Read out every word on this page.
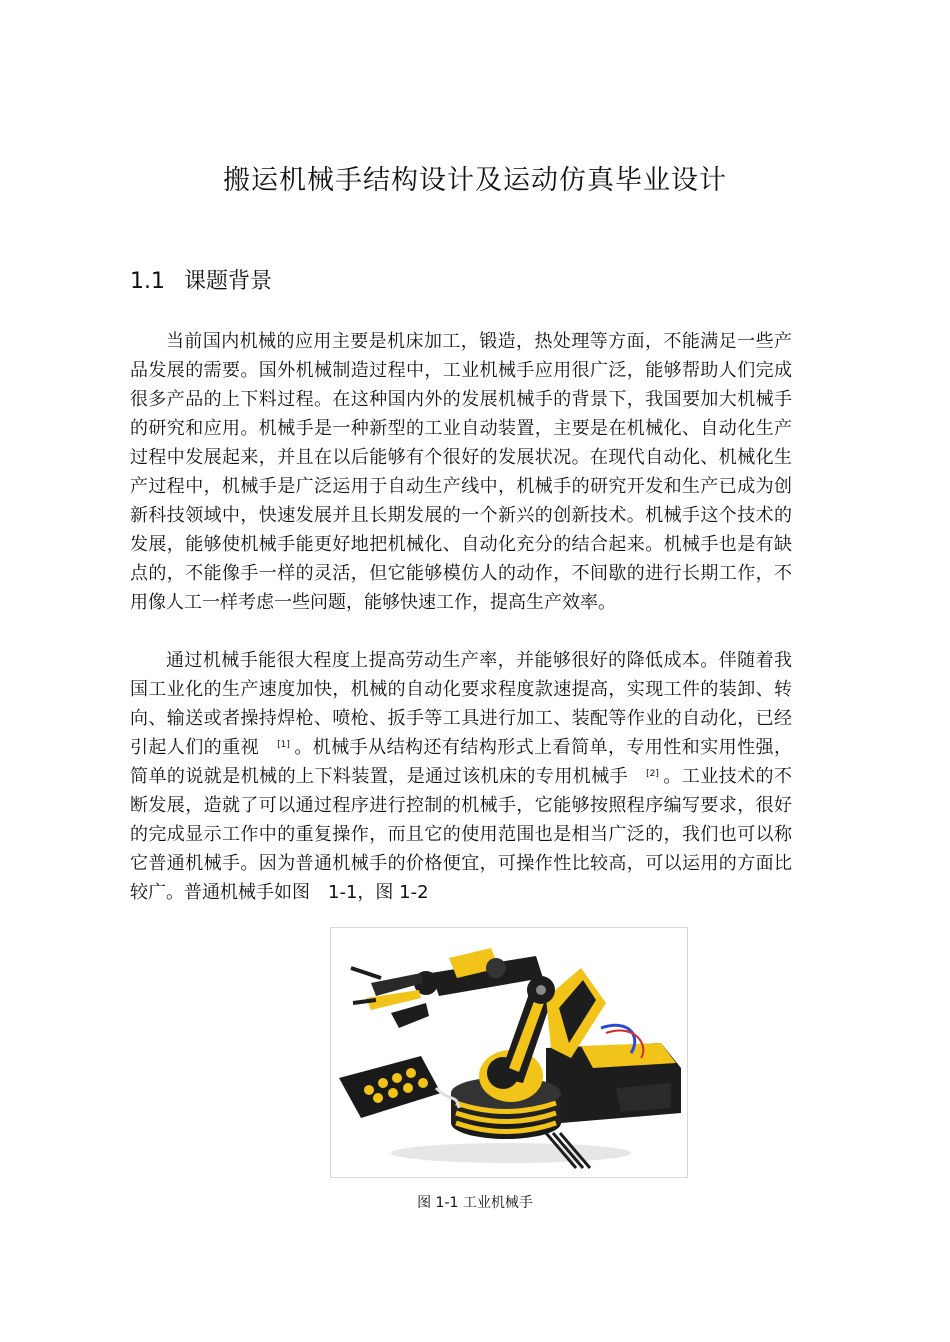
搬运机械手结构设计及运动仿真毕业设计
1.1 课题背景

当前国内机械的应用主要是机床加工，锻造，热处理等方面，不能满足一些产品发展的需要。国外机械制造过程中，工业机械手应用很广泛，能够帮助人们完成很多产品的上下料过程。在这种国内外的发展机械手的背景下，我国要加大机械手的研究和应用。机械手是一种新型的工业自动装置，主要是在机械化、自动化生产过程中发展起来，并且在以后能够有个很好的发展状况。在现代自动化、机械化生产过程中，机械手是广泛运用于自动生产线中，机械手的研究开发和生产已成为创新科技领域中，快速发展并且长期发展的一个新兴的创新技术。机械手这个技术的发展，能够使机械手能更好地把机械化、自动化充分的结合起来。机械手也是有缺点的，不能像手一样的灵活，但它能够模仿人的动作，不间歇的进行长期工作，不用像人工一样考虑一些问题，能够快速工作，提高生产效率。

通过机械手能很大程度上提高劳动生产率，并能够很好的降低成本。伴随着我国工业化的生产速度加快，机械的自动化要求程度款速提高，实现工件的装卸、转向、输送或者操持焊枪、喷枪、扳手等工具进行加工、装配等作业的自动化，已经引起人们的重视 [1] 。机械手从结构还有结构形式上看简单，专用性和实用性强，简单的说就是机械的上下料装置，是通过该机床的专用机械手 [2] 。工业技术的不断发展，造就了可以通过程序进行控制的机械手，它能够按照程序编写要求，很好的完成显示工作中的重复操作，而且它的使用范围也是相当广泛的，我们也可以称它普通机械手。因为普通机械手的价格便宜，可操作性比较高，可以运用的方面比较广。普通机械手如图   1-1，图 1-2

图 1-1 工业机械手
